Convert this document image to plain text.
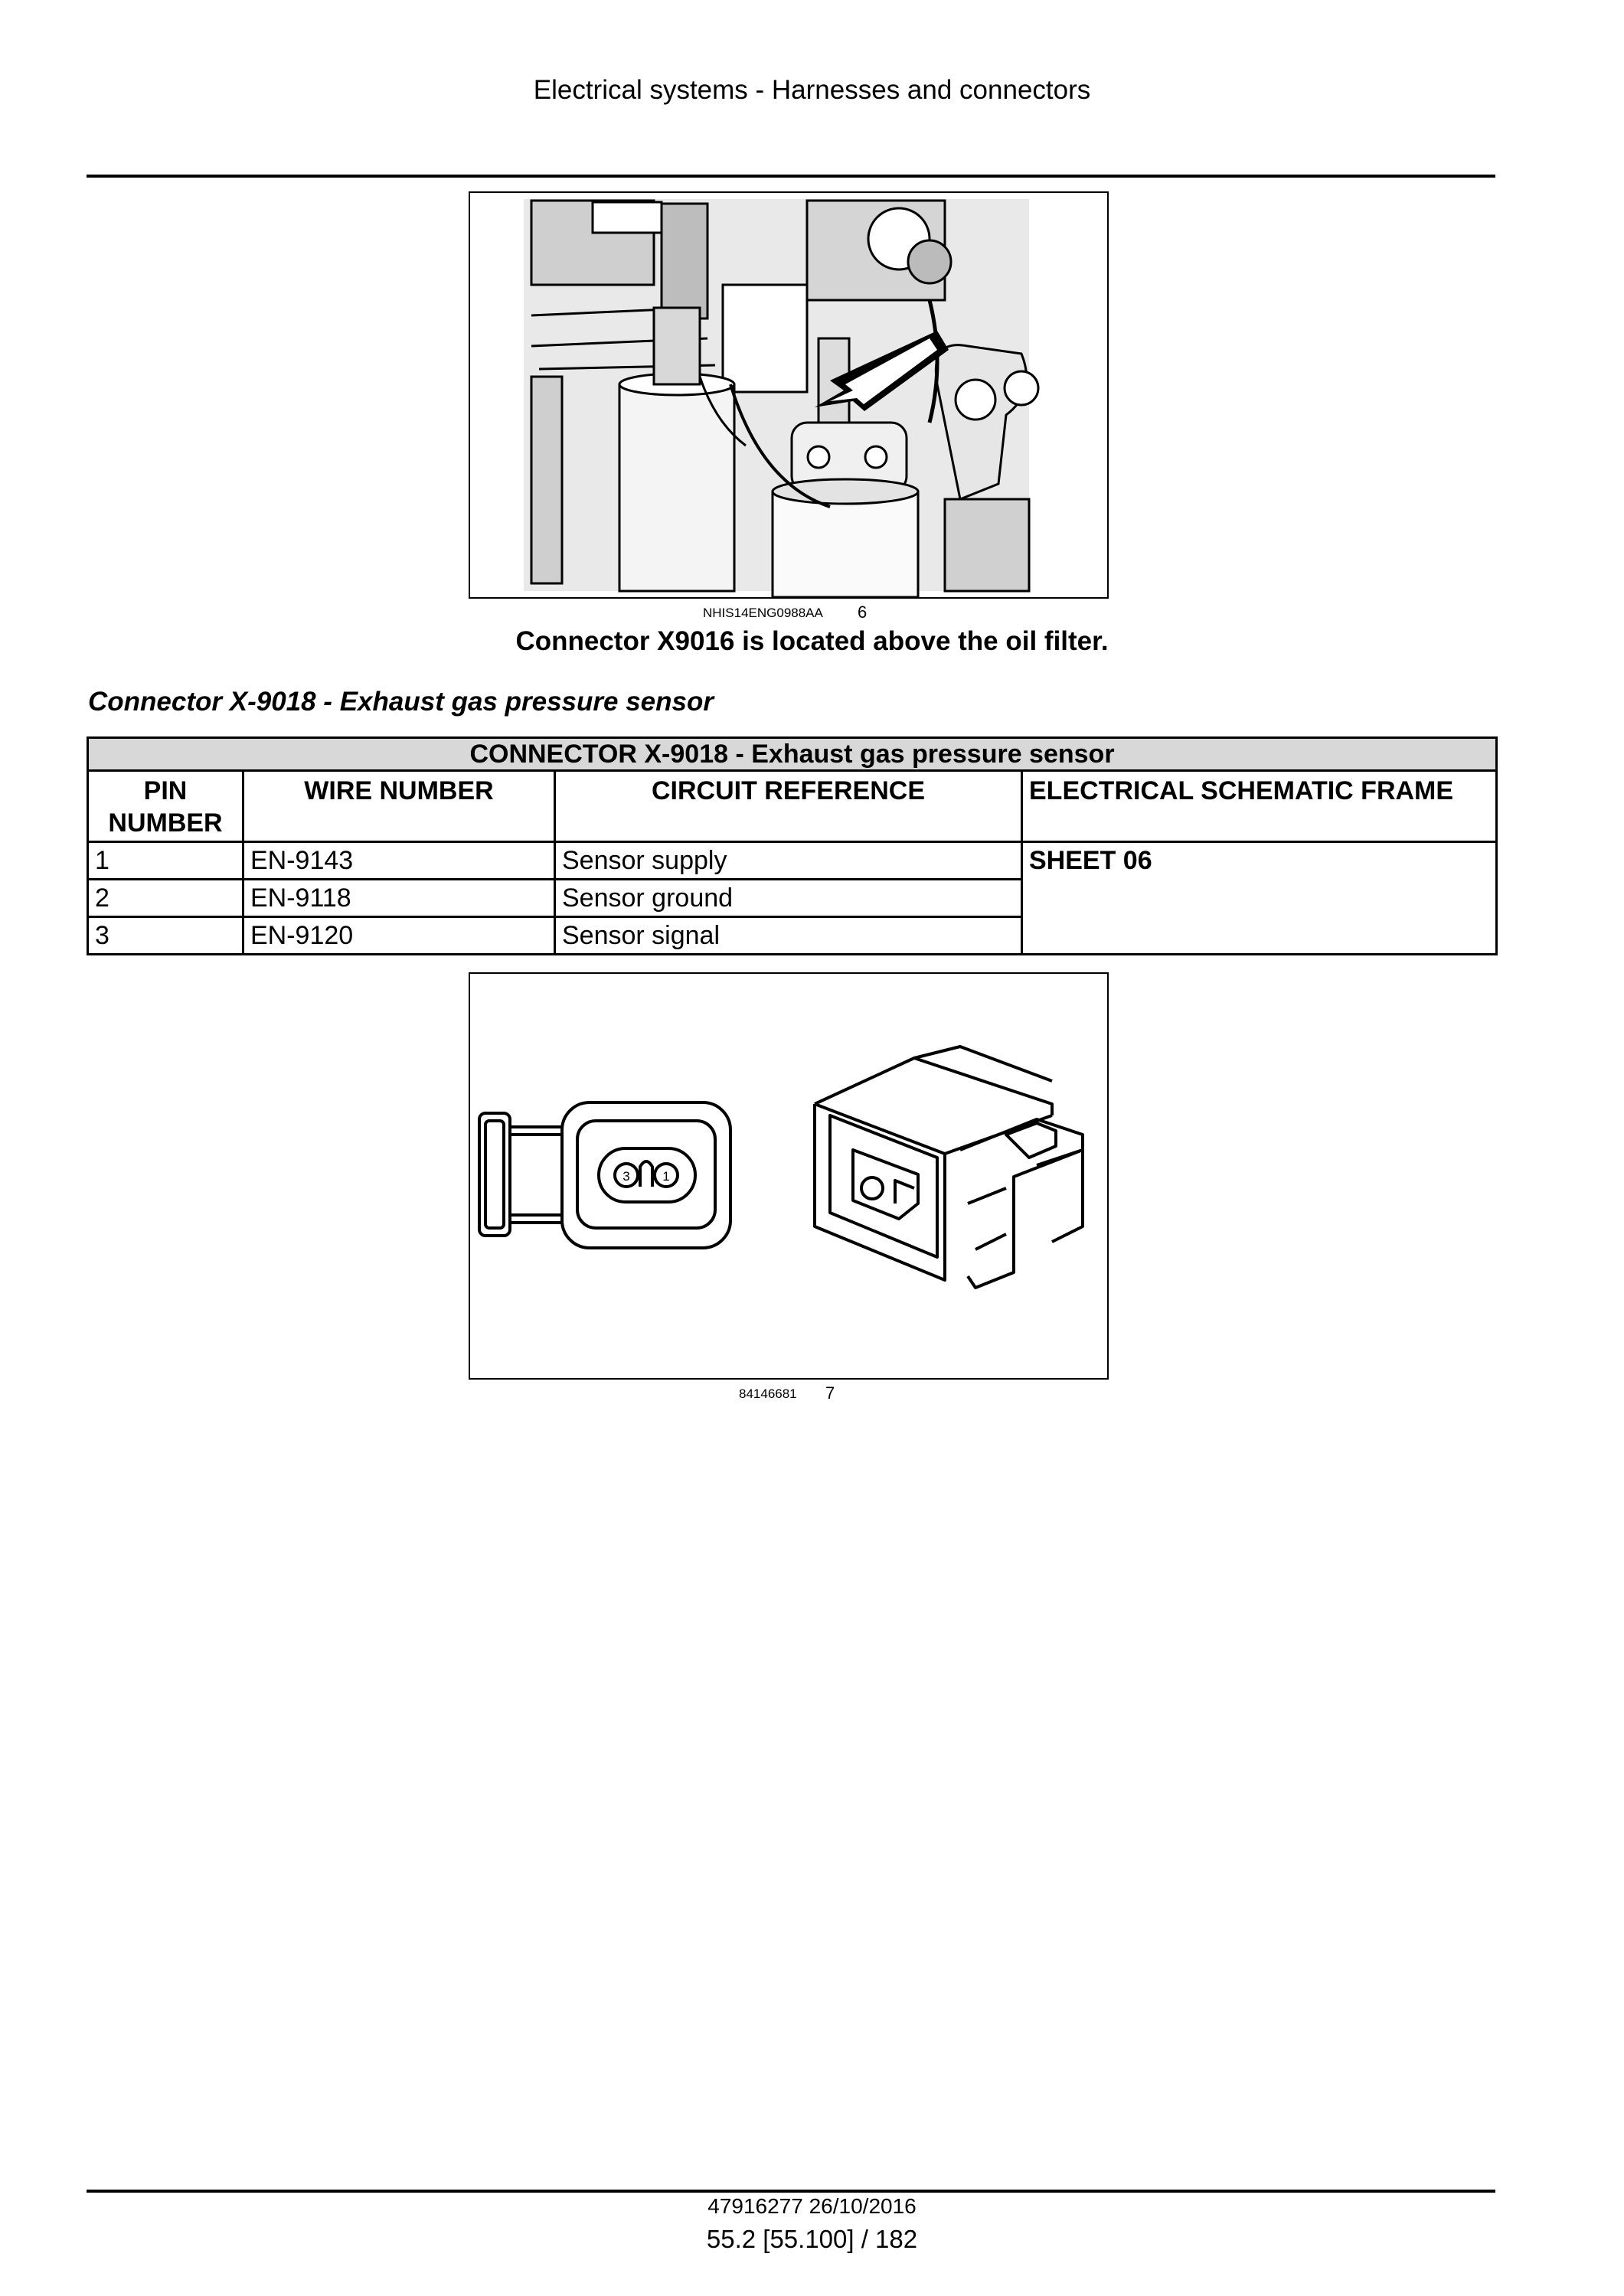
Electrical systems - Harnesses and connectors
NHIS14ENG0988AA 6
Connector X9016 is located above the oil filter.
Connector X-9018 - Exhaust gas pressure sensor
CONNECTOR X-9018 - Exhaust gas pressure sensor			
PIN NUMBER	WIRE NUMBER	CIRCUIT REFERENCE	ELECTRICAL SCHEMATIC FRAME
1	EN-9143	Sensor supply	SHEET 06
2	EN-9118	Sensor ground	
3	EN-9120	Sensor signal	
3	1
84146681 7
47916277 26/10/2016
55.2 [55.100] / 182
